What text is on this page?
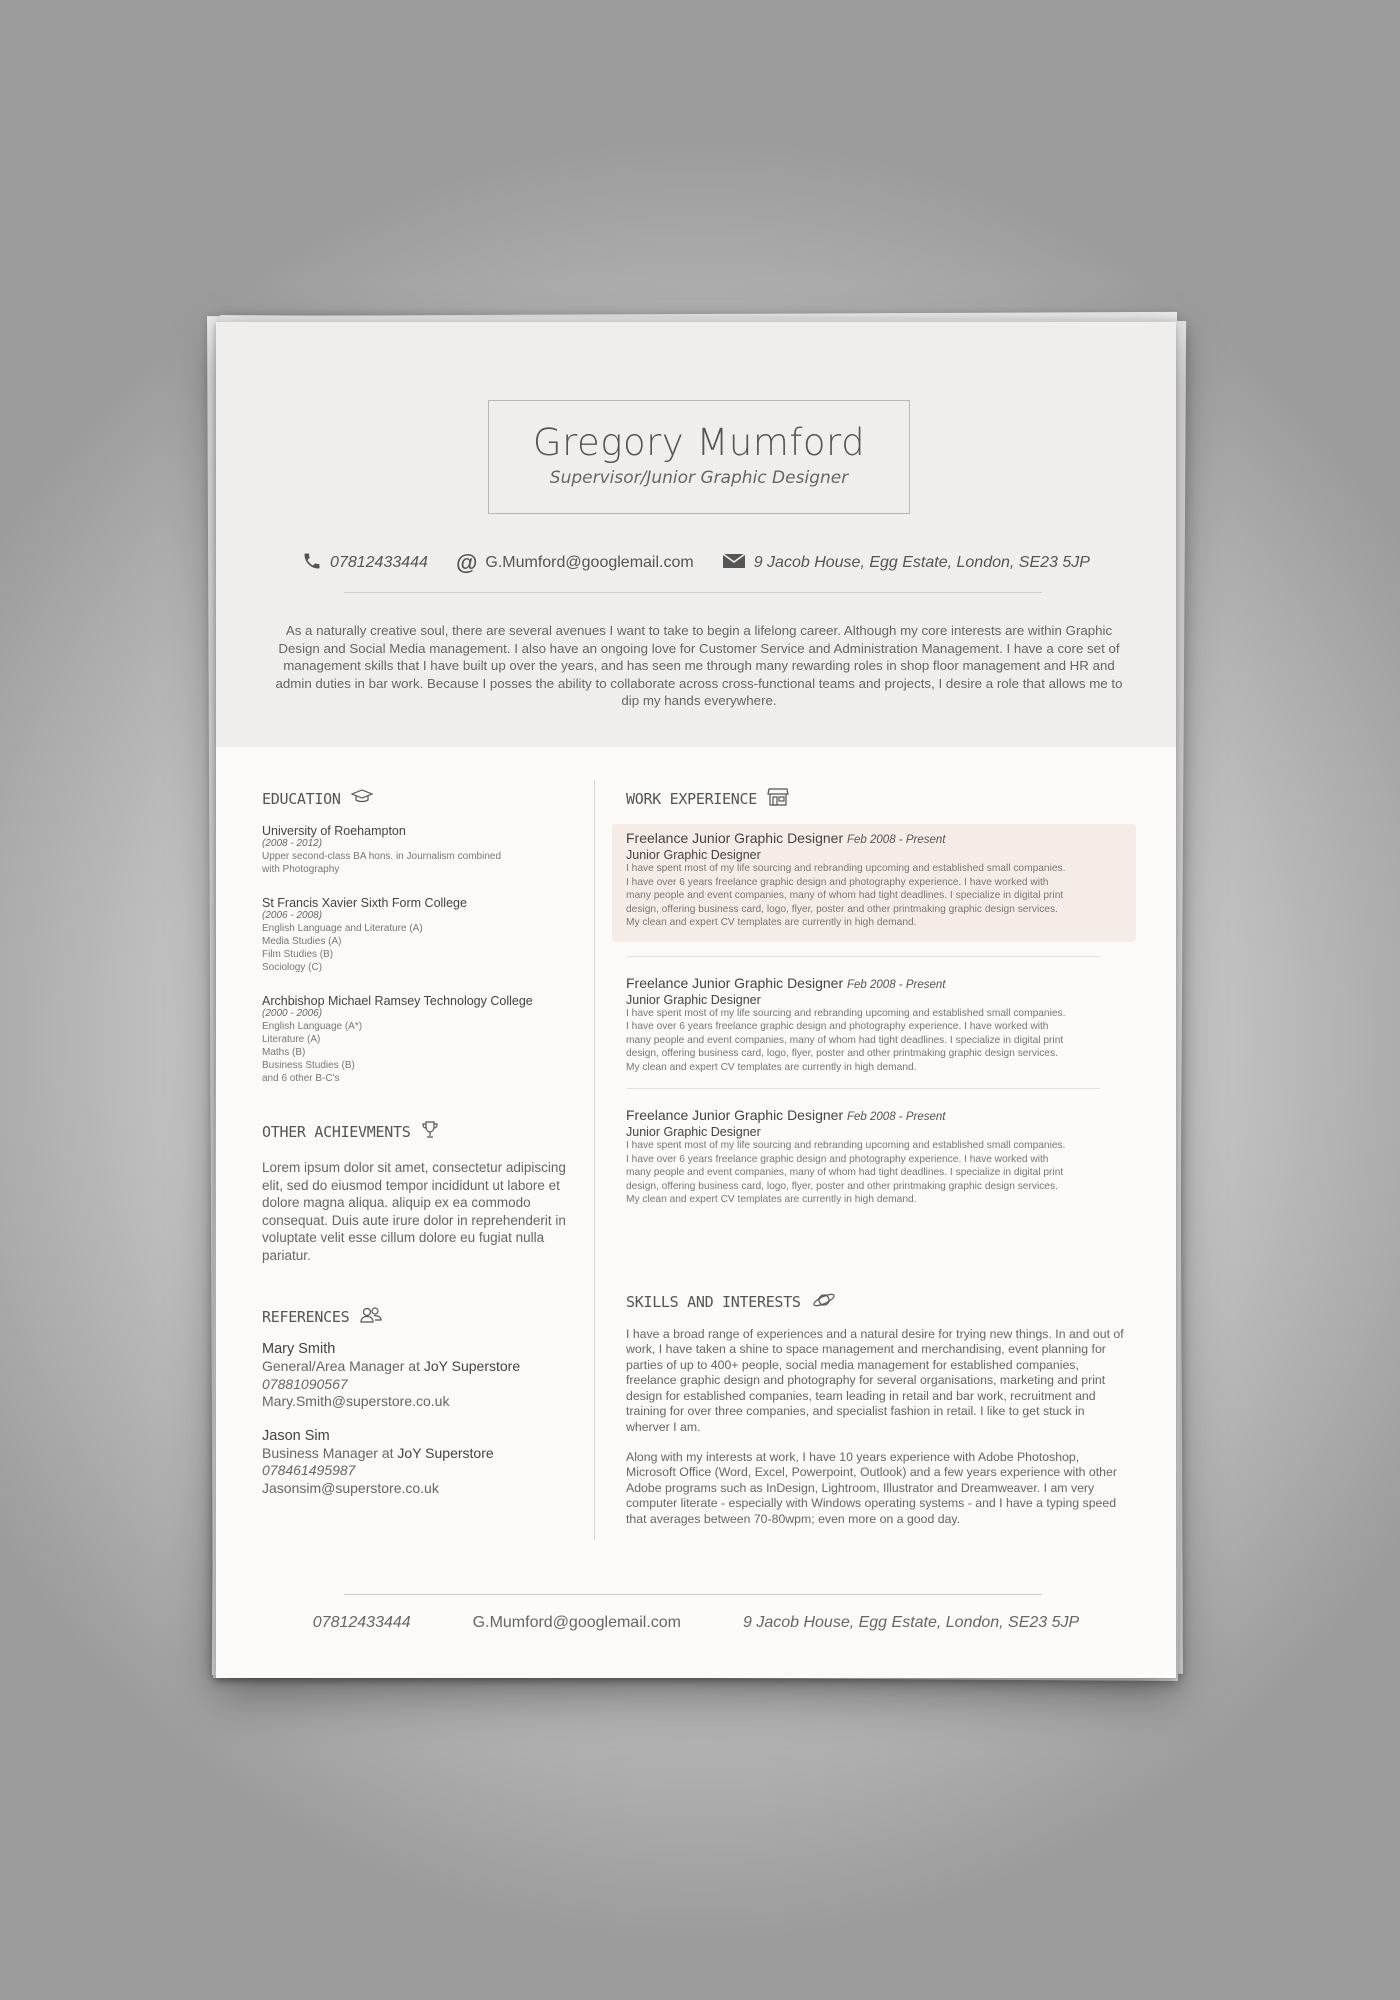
Gregory Mumford
Supervisor/Junior Graphic Designer
07812433444 @ G.Mumford@googlemail.com	9 Jacob House, Egg Estate, London, SE23 5JP
As a naturally creative soul, there are several avenues I want to take to begin a lifelong career. Although my core interests are within Graphic Design and Social Media management. I also have an ongoing love for Customer Service and Administration Management. I have a core set of management skills that I have built up over the years, and has seen me through many rewarding roles in shop floor management and HR and admin duties in bar work. Because I posses the ability to collaborate across cross-functional teams and projects, I desire a role that allows me to dip my hands everywhere.
EDUCATION
University of Roehampton
(2008 - 2012)
Upper second-class BA hons. in Journalism combined
with Photography
St Francis Xavier Sixth Form College
(2006 - 2008)
English Language and Literature (A)
Media Studies (A)
Film Studies (B)
Sociology (C)
Archbishop Michael Ramsey Technology College
(2000 - 2006)
English Language (A*)
Literature (A)
Maths (B)
Business Studies (B)
and 6 other B-C's
OTHER ACHIEVMENTS
Lorem ipsum dolor sit amet, consectetur adipiscing elit, sed do eiusmod tempor incididunt ut labore et dolore magna aliqua. aliquip ex ea commodo consequat. Duis aute irure dolor in reprehenderit in voluptate velit esse cillum dolore eu fugiat nulla pariatur.
REFERENCES
Mary Smith
General/Area Manager at JoY Superstore
07881090567
Mary.Smith@superstore.co.uk
Jason Sim
Business Manager at JoY Superstore
078461495987
Jasonsim@superstore.co.uk
WORK EXPERIENCE
Freelance Junior Graphic Designer Feb 2008 - Present
Junior Graphic Designer
I have spent most of my life sourcing and rebranding upcoming and established small companies.
I have over 6 years freelance graphic design and photography experience. I have worked with
many people and event companies, many of whom had tight deadlines. I specialize in digital print
design, offering business card, logo, flyer, poster and other printmaking graphic design services.
My clean and expert CV templates are currently in high demand.
Freelance Junior Graphic Designer Feb 2008 - Present
Junior Graphic Designer
I have spent most of my life sourcing and rebranding upcoming and established small companies.
I have over 6 years freelance graphic design and photography experience. I have worked with
many people and event companies, many of whom had tight deadlines. I specialize in digital print
design, offering business card, logo, flyer, poster and other printmaking graphic design services.
My clean and expert CV templates are currently in high demand.
Freelance Junior Graphic Designer Feb 2008 - Present
Junior Graphic Designer
I have spent most of my life sourcing and rebranding upcoming and established small companies.
I have over 6 years freelance graphic design and photography experience. I have worked with
many people and event companies, many of whom had tight deadlines. I specialize in digital print
design, offering business card, logo, flyer, poster and other printmaking graphic design services.
My clean and expert CV templates are currently in high demand.
SKILLS AND INTERESTS
I have a broad range of experiences and a natural desire for trying new things. In and out of work, I have taken a shine to space management and merchandising, event planning for parties of up to 400+ people, social media management for established companies, freelance graphic design and photography for several organisations, marketing and print design for established companies, team leading in retail and bar work, recruitment and training for over three companies, and specialist fashion in retail. I like to get stuck in wherver I am.
Along with my interests at work, I have 10 years experience with Adobe Photoshop, Microsoft Office (Word, Excel, Powerpoint, Outlook) and a few years experience with other Adobe programs such as InDesign, Lightroom, Illustrator and Dreamweaver. I am very computer literate - especially with Windows operating systems - and I have a typing speed that averages between 70-80wpm; even more on a good day.
07812433444	G.Mumford@googlemail.com	9 Jacob House, Egg Estate, London, SE23 5JP
